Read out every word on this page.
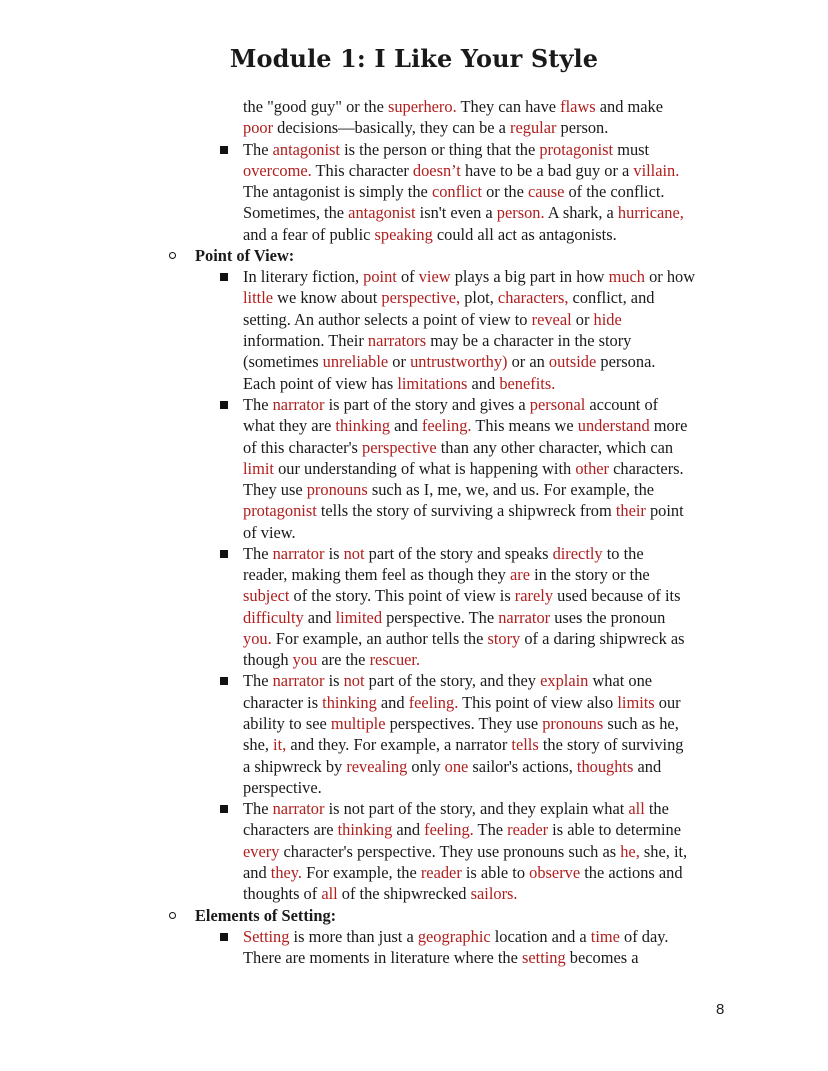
Module 1: I Like Your Style
the "good guy" or the superhero. They can have flaws and make
poor decisions—basically, they can be a regular person.
The antagonist is the person or thing that the protagonist must
overcome. This character doesn’t have to be a bad guy or a villain.
The antagonist is simply the conflict or the cause of the conflict.
Sometimes, the antagonist isn't even a person. A shark, a hurricane,
and a fear of public speaking could all act as antagonists.
In literary fiction, point of view plays a big part in how much or how
little we know about perspective, plot, characters, conflict, and
setting. An author selects a point of view to reveal or hide
information. Their narrators may be a character in the story
(sometimes unreliable or untrustworthy) or an outside persona.
Each point of view has limitations and benefits.
The narrator is part of the story and gives a personal account of
what they are thinking and feeling. This means we understand more
of this character's perspective than any other character, which can
limit our understanding of what is happening with other characters.
They use pronouns such as I, me, we, and us. For example, the
protagonist tells the story of surviving a shipwreck from their point
of view.
The narrator is not part of the story and speaks directly to the
reader, making them feel as though they are in the story or the
subject of the story. This point of view is rarely used because of its
difficulty and limited perspective. The narrator uses the pronoun
you. For example, an author tells the story of a daring shipwreck as
though you are the rescuer.
The narrator is not part of the story, and they explain what one
character is thinking and feeling. This point of view also limits our
ability to see multiple perspectives. They use pronouns such as he,
she, it, and they. For example, a narrator tells the story of surviving
a shipwreck by revealing only one sailor's actions, thoughts and
perspective.
The narrator is not part of the story, and they explain what all the
characters are thinking and feeling. The reader is able to determine
every character's perspective. They use pronouns such as he, she, it,
and they. For example, the reader is able to observe the actions and
thoughts of all of the shipwrecked sailors.
Setting is more than just a geographic location and a time of day.
There are moments in literature where the setting becomes a
Point of View:
Elements of Setting:
8
